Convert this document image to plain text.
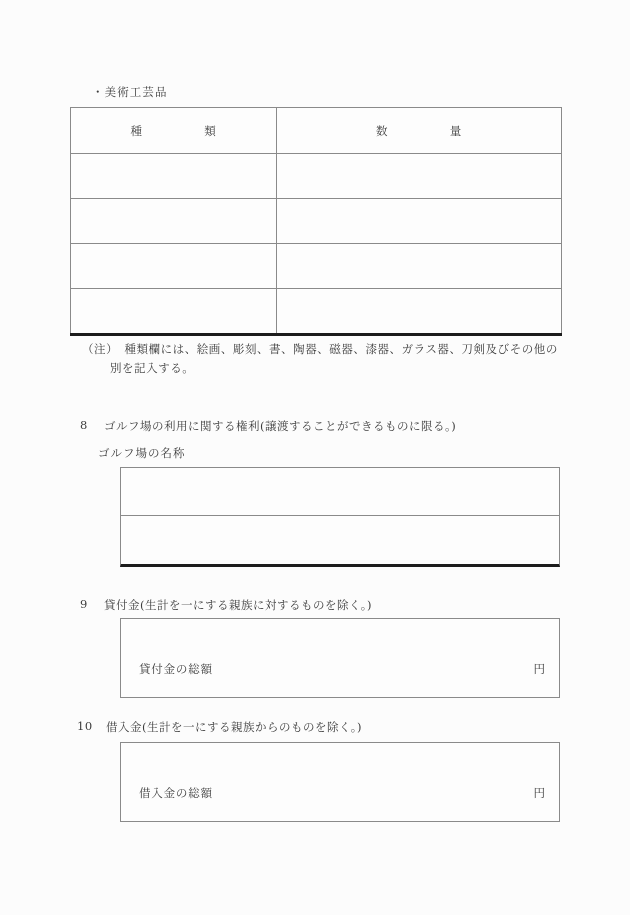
・美術工芸品
種　　　　　類	数　　　　　量

（注）　種類欄には、絵画、彫刻、書、陶器、磁器、漆器、ガラス器、刀剣及びその他の
別を記入する。
8 ゴルフ場の利用に関する権利(譲渡することができるものに限る。)
ゴルフ場の名称
9 貸付金(生計を一にする親族に対するものを除く。)
貸付金の総額	円
10 借入金(生計を一にする親族からのものを除く。)
借入金の総額	円
